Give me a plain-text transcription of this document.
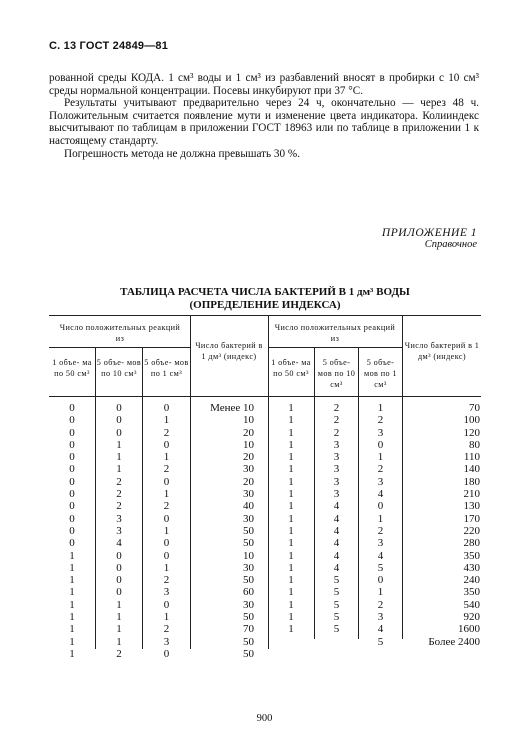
С. 13 ГОСТ 24849—81

рованной среды КОДА. 1 см³ воды и 1 см³ из разбавлений вносят в пробирки с 10 см³ среды нормальной концентрации. Посевы инкубируют при 37 °С.

Результаты учитывают предварительно через 24 ч, окончательно — через 48 ч. Положительным считается появление мути и изменение цвета индикатора. Колииндекс высчитывают по таблицам в приложении ГОСТ 18963 или по таблице в приложении 1 к настоящему стандарту.

Погрешность метода не должна превышать 30 %.

ПРИЛОЖЕНИЕ 1
Справочное
ТАБЛИЦА РАСЧЕТА ЧИСЛА БАКТЕРИЙ В 1 дм³ ВОДЫ
(ОПРЕДЕЛЕНИЕ ИНДЕКСА)
Число положительных реакций из
Число положительных реакций из
1 объе- ма по 50 см³
5 объе- мов по 10 см³
5 объе- мов по 1 см³
Число бактерий в 1 дм³ (индекс)
1 объе- ма по 50 см³
5 объе- мов по 10 см³
5 объе- мов по 1 см³
Число бактерий в 1 дм³ (индекс)
0
0
0
0
0
0
0
0
0
0
0
0
1
1
1
1
1
1
1
1
1
0
0
0
1
1
1
2
2
2
3
3
4
0
0
0
0
1
1
1
1
2
0
1
2
0
1
2
0
1
2
0
1
0
0
1
2
3
0
1
2
3
0
Менее 10
10
20
10
20
30
20
30
40
30
50
50
10
30
50
60
30
50
70
50
50
1
1
1
1
1
1
1
1
1
1
1
1
1
1
1
1
1
1
1
2
2
2
3
3
3
3
3
4
4
4
4
4
4
5
5
5
5
5
1
2
3
0
1
2
3
4
0
1
2
3
4
5
0
1
2
3
4
5
70
100
120
80
110
140
180
210
130
170
220
280
350
430
240
350
540
920
1600
Более 2400
900
